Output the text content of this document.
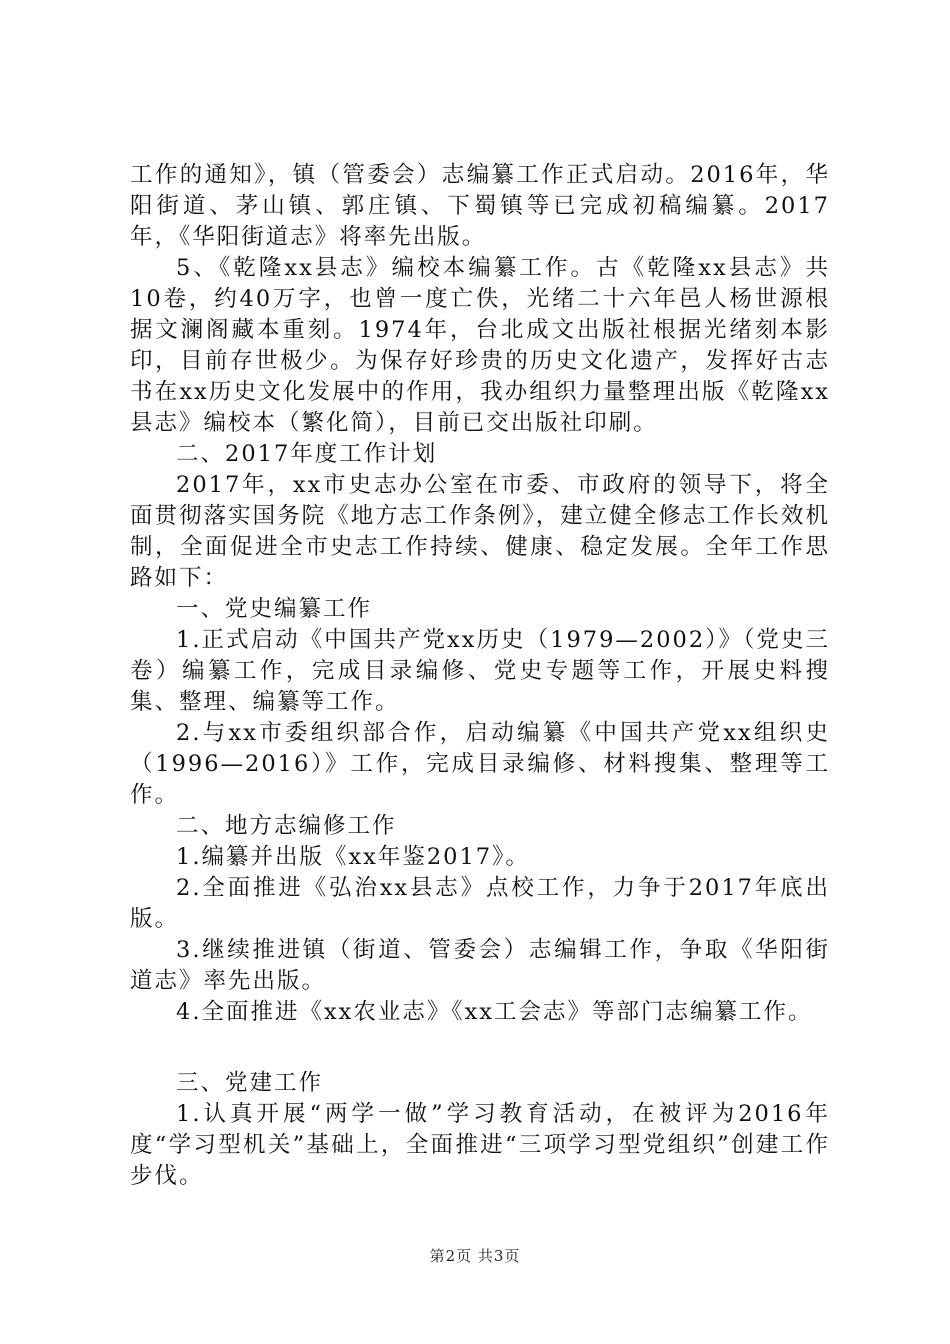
工作的通知》，镇（管委会）志编纂工作正式启动。2016年，华阳街道、茅山镇、郭庄镇、下蜀镇等已完成初稿编纂。2017年，《华阳街道志》将率先出版。

5、《乾隆xx县志》编校本编纂工作。古《乾隆xx县志》共10卷，约40万字，也曾一度亡佚，光绪二十六年邑人杨世源根据文澜阁藏本重刻。1974年，台北成文出版社根据光绪刻本影印，目前存世极少。为保存好珍贵的历史文化遗产，发挥好古志书在xx历史文化发展中的作用，我办组织力量整理出版《乾隆xx县志》编校本（繁化简），目前已交出版社印刷。

二、2017年度工作计划

2017年，xx市史志办公室在市委、市政府的领导下，将全面贯彻落实国务院《地方志工作条例》，建立健全修志工作长效机制，全面促进全市史志工作持续、健康、稳定发展。全年工作思路如下：

一、党史编纂工作

1.正式启动《中国共产党xx历史（1979—2002）》（党史三卷）编纂工作，完成目录编修、党史专题等工作，开展史料搜集、整理、编纂等工作。

2.与xx市委组织部合作，启动编纂《中国共产党xx组织史（1996—2016）》工作，完成目录编修、材料搜集、整理等工作。

二、地方志编修工作

1.编纂并出版《xx年鉴2017》。

2.全面推进《弘治xx县志》点校工作，力争于2017年底出版。

3.继续推进镇（街道、管委会）志编辑工作，争取《华阳街道志》率先出版。

4.全面推进《xx农业志》《xx工会志》等部门志编纂工作。

三、党建工作

1.认真开展“两学一做”学习教育活动，在被评为2016年度“学习型机关”基础上，全面推进“三项学习型党组织”创建工作步伐。

第2页 共3页
